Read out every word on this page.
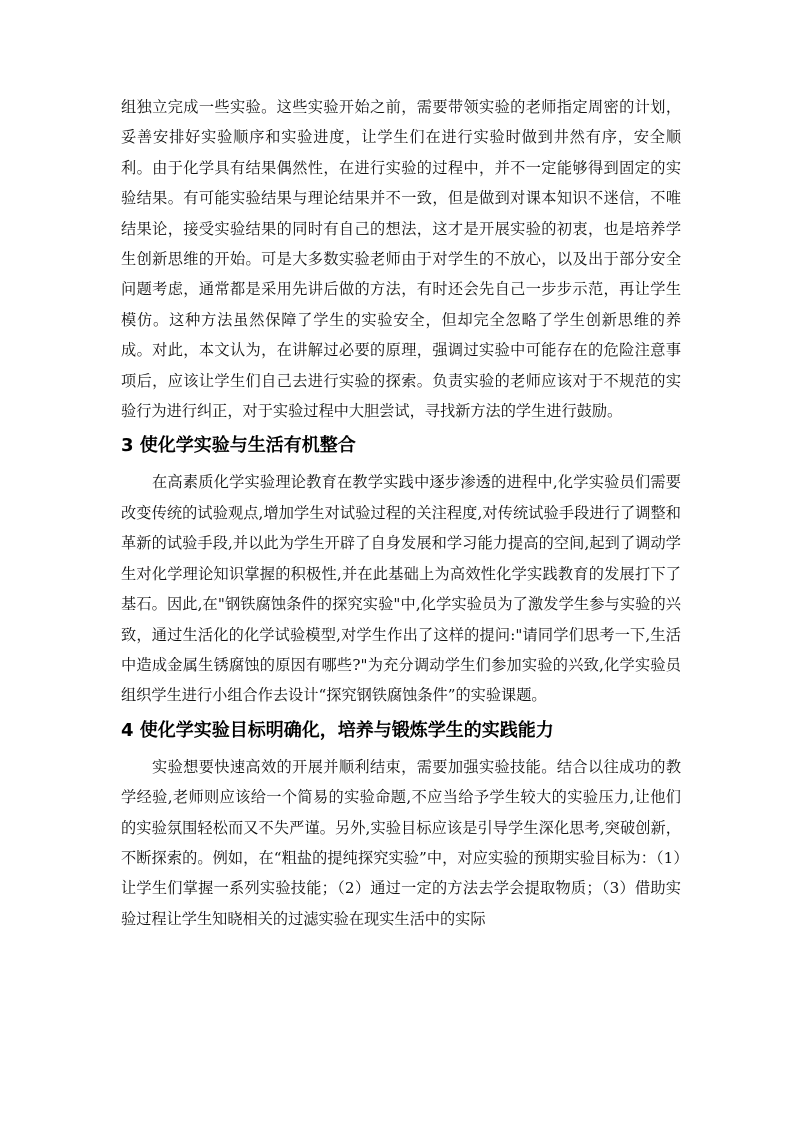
组独立完成一些实验。这些实验开始之前，需要带领实验的老师指定周密的计划，妥善安排好实验顺序和实验进度，让学生们在进行实验时做到井然有序，安全顺利。由于化学具有结果偶然性，在进行实验的过程中，并不一定能够得到固定的实验结果。有可能实验结果与理论结果并不一致，但是做到对课本知识不迷信，不唯结果论，接受实验结果的同时有自己的想法，这才是开展实验的初衷，也是培养学生创新思维的开始。可是大多数实验老师由于对学生的不放心，以及出于部分安全问题考虑，通常都是采用先讲后做的方法，有时还会先自己一步步示范，再让学生模仿。这种方法虽然保障了学生的实验安全，但却完全忽略了学生创新思维的养成。对此，本文认为，在讲解过必要的原理，强调过实验中可能存在的危险注意事项后，应该让学生们自己去进行实验的探索。负责实验的老师应该对于不规范的实验行为进行纠正，对于实验过程中大胆尝试，寻找新方法的学生进行鼓励。

3 使化学实验与生活有机整合

在高素质化学实验理论教育在教学实践中逐步渗透的进程中,化学实验员们需要改变传统的试验观点,增加学生对试验过程的关注程度,对传统试验手段进行了调整和革新的试验手段,并以此为学生开辟了自身发展和学习能力提高的空间,起到了调动学生对化学理论知识掌握的积极性,并在此基础上为高效性化学实践教育的发展打下了基石。因此,在"钢铁腐蚀条件的探究实验"中,化学实验员为了激发学生参与实验的兴致，通过生活化的化学试验模型,对学生作出了这样的提问:"请同学们思考一下,生活中造成金属生锈腐蚀的原因有哪些?"为充分调动学生们参加实验的兴致,化学实验员组织学生进行小组合作去设计“探究钢铁腐蚀条件”的实验课题。

4 使化学实验目标明确化，培养与锻炼学生的实践能力

实验想要快速高效的开展并顺利结束，需要加强实验技能。结合以往成功的教学经验,老师则应该给一个简易的实验命题,不应当给予学生较大的实验压力,让他们的实验氛围轻松而又不失严谨。另外,实验目标应该是引导学生深化思考,突破创新，不断探索的。例如，在“粗盐的提纯探究实验”中，对应实验的预期实验目标为：（1）让学生们掌握一系列实验技能；（2）通过一定的方法去学会提取物质；（3）借助实验过程让学生知晓相关的过滤实验在现实生活中的实际
